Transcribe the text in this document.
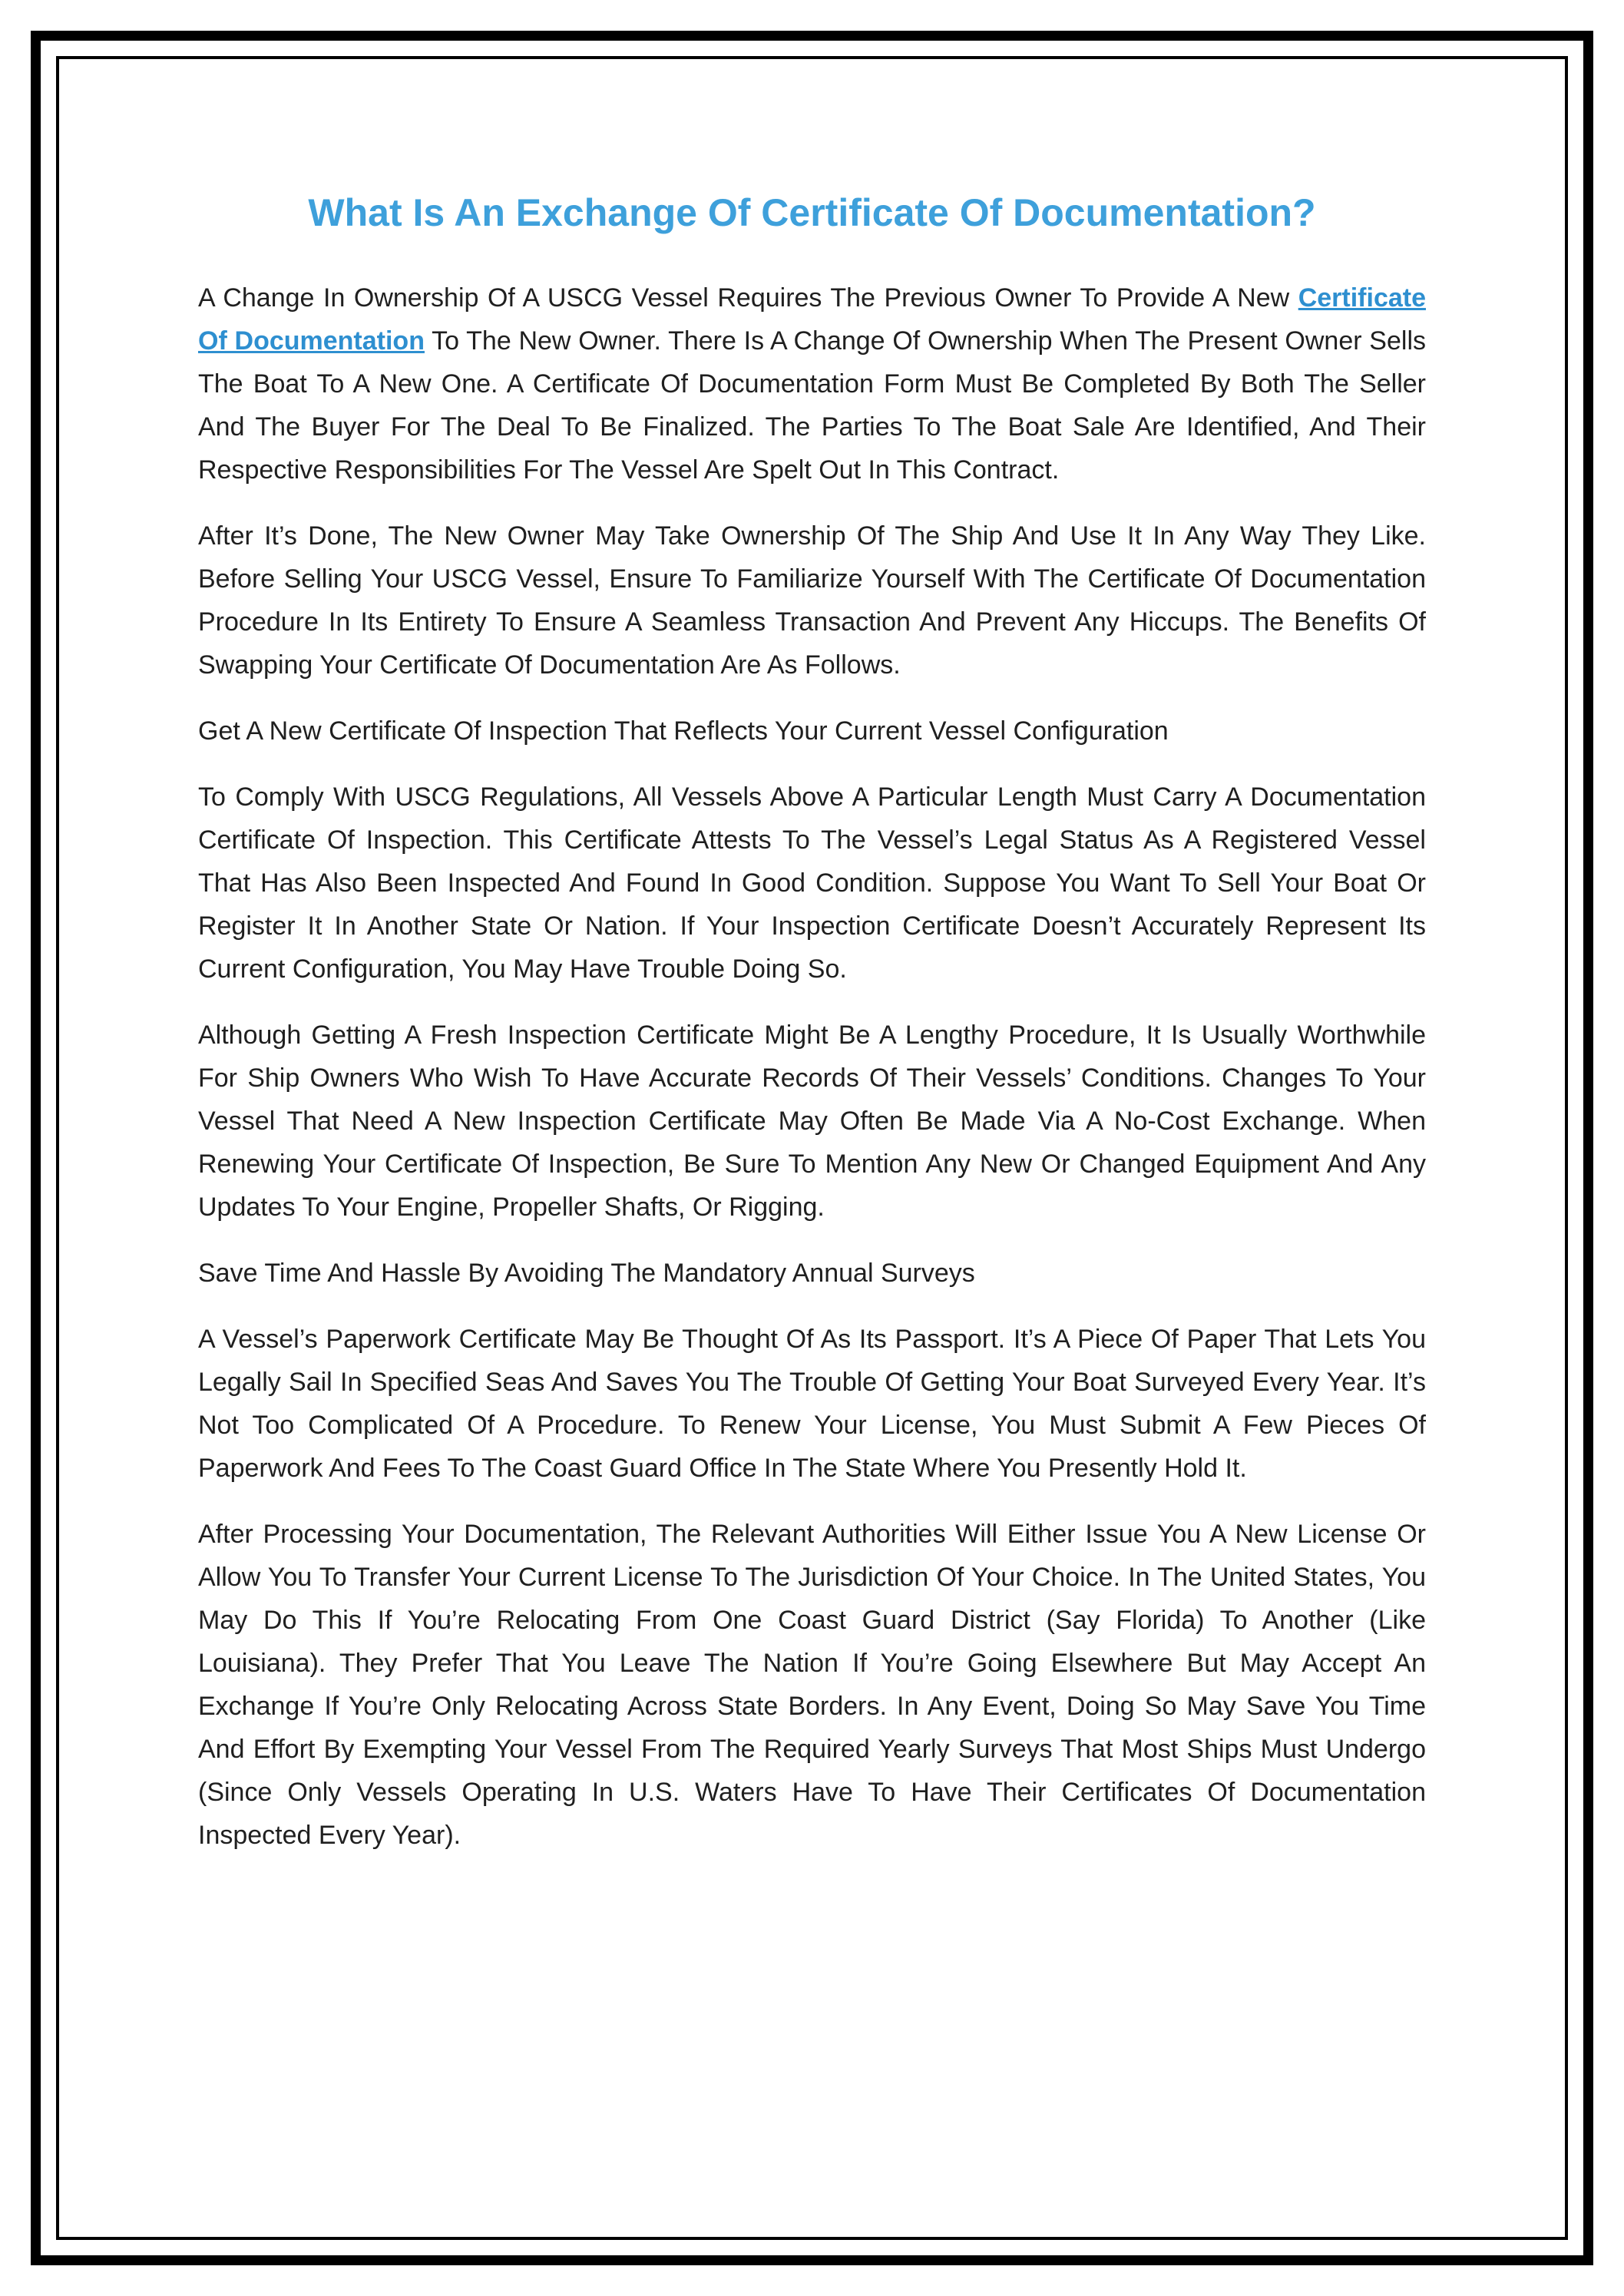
What Is An Exchange Of Certificate Of Documentation?

A Change In Ownership Of A USCG Vessel Requires The Previous Owner To Provide A New Certificate Of Documentation To The New Owner. There Is A Change Of Ownership When The Present Owner Sells The Boat To A New One. A Certificate Of Documentation Form Must Be Completed By Both The Seller And The Buyer For The Deal To Be Finalized. The Parties To The Boat Sale Are Identified, And Their Respective Responsibilities For The Vessel Are Spelt Out In This Contract.

After It’s Done, The New Owner May Take Ownership Of The Ship And Use It In Any Way They Like. Before Selling Your USCG Vessel, Ensure To Familiarize Yourself With The Certificate Of Documentation Procedure In Its Entirety To Ensure A Seamless Transaction And Prevent Any Hiccups. The Benefits Of Swapping Your Certificate Of Documentation Are As Follows.

Get A New Certificate Of Inspection That Reflects Your Current Vessel Configuration

To Comply With USCG Regulations, All Vessels Above A Particular Length Must Carry A Documentation Certificate Of Inspection. This Certificate Attests To The Vessel’s Legal Status As A Registered Vessel That Has Also Been Inspected And Found In Good Condition. Suppose You Want To Sell Your Boat Or Register It In Another State Or Nation. If Your Inspection Certificate Doesn’t Accurately Represent Its Current Configuration, You May Have Trouble Doing So.

Although Getting A Fresh Inspection Certificate Might Be A Lengthy Procedure, It Is Usually Worthwhile For Ship Owners Who Wish To Have Accurate Records Of Their Vessels’ Conditions. Changes To Your Vessel That Need A New Inspection Certificate May Often Be Made Via A No-Cost Exchange. When Renewing Your Certificate Of Inspection, Be Sure To Mention Any New Or Changed Equipment And Any Updates To Your Engine, Propeller Shafts, Or Rigging.

Save Time And Hassle By Avoiding The Mandatory Annual Surveys

A Vessel’s Paperwork Certificate May Be Thought Of As Its Passport. It’s A Piece Of Paper That Lets You Legally Sail In Specified Seas And Saves You The Trouble Of Getting Your Boat Surveyed Every Year. It’s Not Too Complicated Of A Procedure. To Renew Your License, You Must Submit A Few Pieces Of Paperwork And Fees To The Coast Guard Office In The State Where You Presently Hold It.

After Processing Your Documentation, The Relevant Authorities Will Either Issue You A New License Or Allow You To Transfer Your Current License To The Jurisdiction Of Your Choice. In The United States, You May Do This If You’re Relocating From One Coast Guard District (Say Florida) To Another (Like Louisiana). They Prefer That You Leave The Nation If You’re Going Elsewhere But May Accept An Exchange If You’re Only Relocating Across State Borders. In Any Event, Doing So May Save You Time And Effort By Exempting Your Vessel From The Required Yearly Surveys That Most Ships Must Undergo (Since Only Vessels Operating In U.S. Waters Have To Have Their Certificates Of Documentation Inspected Every Year).
